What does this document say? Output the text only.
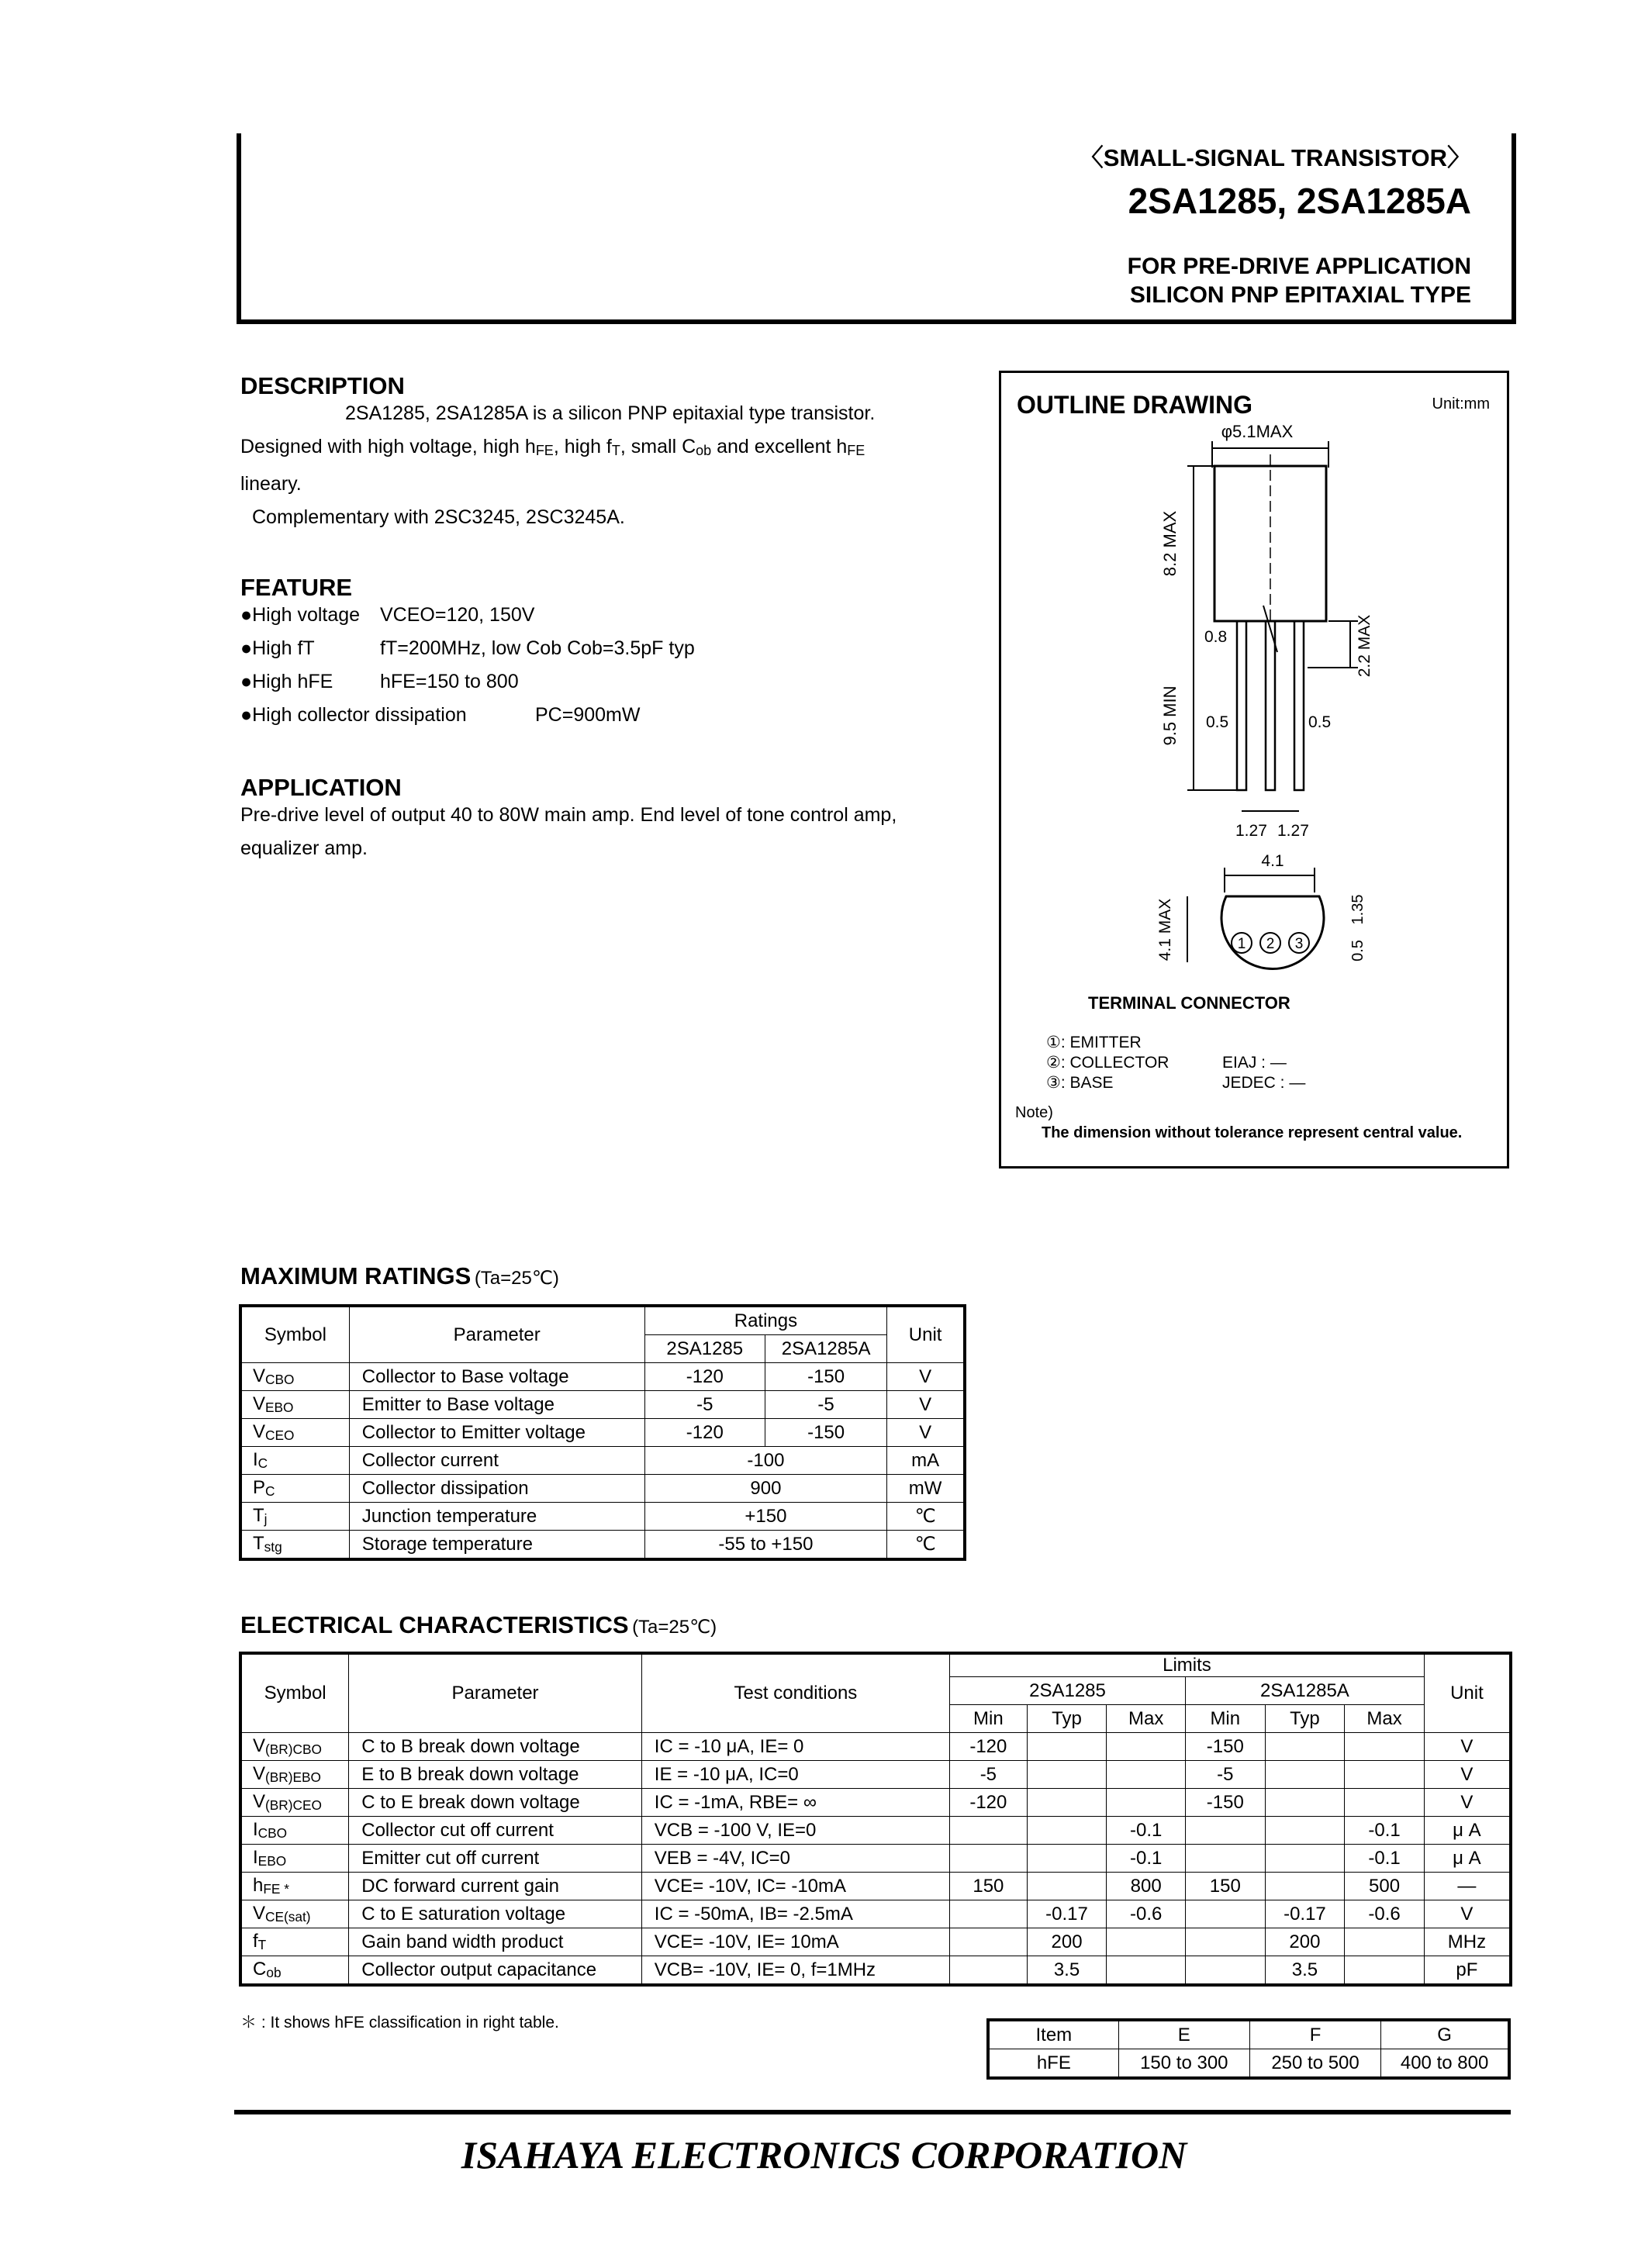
〈SMALL-SIGNAL TRANSISTOR〉
2SA1285, 2SA1285A
FOR PRE-DRIVE APPLICATION
SILICON PNP EPITAXIAL TYPE
DESCRIPTION
2SA1285, 2SA1285A is a silicon PNP epitaxial type transistor.
Designed with high voltage, high $h_{FE}$, high $f_T$, small $C_{ob}$ and excellent $h_{FE}$
lineary.
Complementary with 2SC3245, 2SC3245A.
FEATURE
●High voltage VCEO=120, 150V
●High fT	fT=200MHz, low Cob Cob=3.5pF typ
●High hFE hFE=150 to 800
●High collector dissipation	PC=900mW
APPLICATION
Pre-drive level of output 40 to 80W main amp. End level of tone control amp,
equalizer amp.
OUTLINE DRAWING	Unit:mm
φ5.1MAX
8.2 MAX
9.5 MIN
2.2 MAX
0.8
0.5	0.5
1.27 1.27
4.1
4.1 MAX	1.35
0.5
1 2 3
TERMINAL CONNECTOR
①: EMITTER
②: COLLECTOR
③: BASE
EIAJ : —
JEDEC : —
Note)
The dimension without tolerance represent central value.
MAXIMUM RATINGS (Ta=25℃)
Symbol	Parameter	Ratings		Unit
		2SA1285	2SA1285A	
$V_{CBO}$	Collector to Base voltage	-120	-150	V
$V_{EBO}$	Emitter to Base voltage	-5	-5	V
$V_{CEO}$	Collector to Emitter voltage	-120	-150	V
$I_C$	Collector current	-100		mA
$P_C$	Collector dissipation	900		mW
$T_j$	Junction temperature	+150		℃
$T_{stg}$	Storage temperature	-55 to +150		℃
ELECTRICAL CHARACTERISTICS (Ta=25℃)
Symbol	Parameter	Test conditions	Limits						Unit
			2SA1285			2SA1285A			
			Min	Typ	Max	Min	Typ	Max	
$V_{(BR)CBO}$	C to B break down voltage	IC = -10 μA, IE= 0	-120			-150			V
$V_{(BR)EBO}$	E to B break down voltage	IE = -10 μA, IC=0	-5			-5			V
$V_{(BR)CEO}$	C to E break down voltage	IC = -1mA, RBE= ∞	-120			-150			V
$I_{CBO}$	Collector cut off current	VCB = -100 V, IE=0			-0.1			-0.1	μ A
$I_{EBO}$	Emitter cut off current	VEB = -4V, IC=0			-0.1			-0.1	μ A
$h_{FE *}$	DC forward current gain	VCE= -10V, IC= -10mA	150		800	150		500	—
$V_{CE(sat)}$	C to E saturation voltage	IC = -50mA, IB= -2.5mA		-0.17	-0.6		-0.17	-0.6	V
$f_T$	Gain band width product	VCE= -10V, IE= 10mA		200			200		MHz
$C_{ob}$	Collector output capacitance	VCB= -10V, IE= 0, f=1MHz		3.5			3.5		pF
＊ : It shows hFE classification in right table.
Item	E	F	G
hFE	150 to 300	250 to 500	400 to 800
ISAHAYA ELECTRONICS CORPORATION
